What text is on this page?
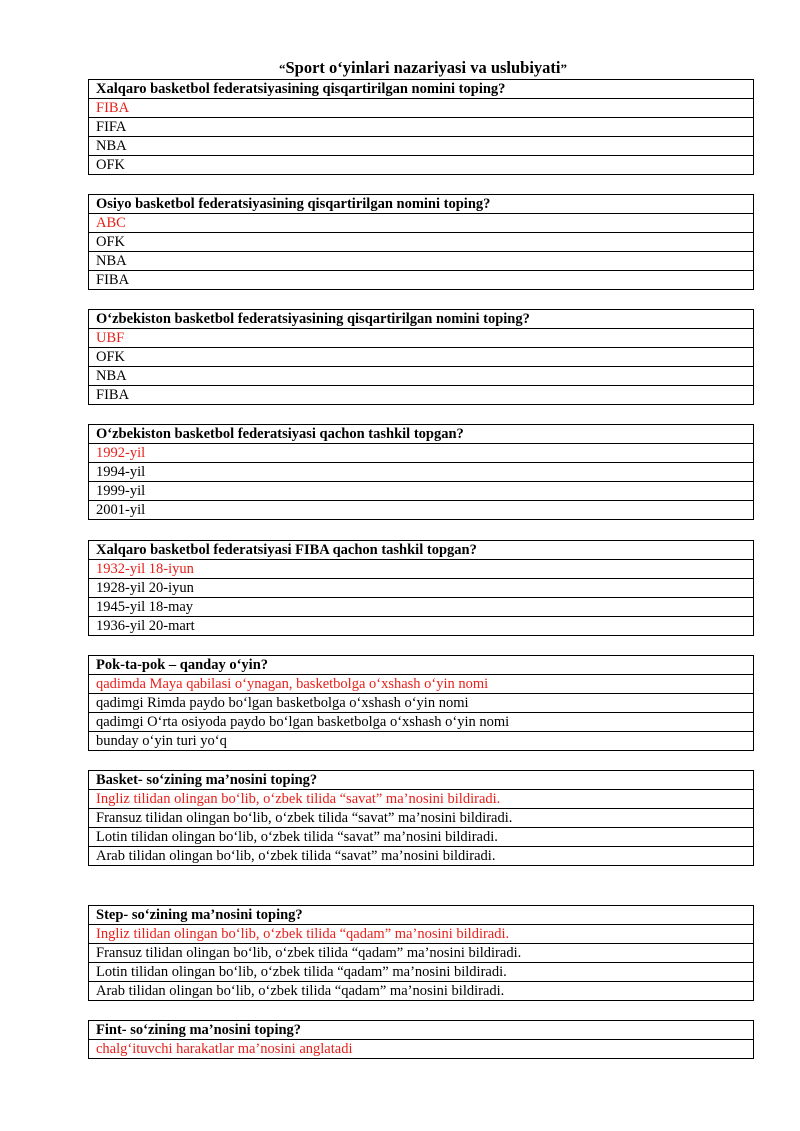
“Sport o‘yinlari nazariyasi va uslubiyati”
Xalqaro basketbol federatsiyasining qisqartirilgan nomini toping?
FIBA
FIFA
NBA
OFK
Osiyo basketbol federatsiyasining qisqartirilgan nomini toping?
ABC
OFK
NBA
FIBA
O‘zbekiston basketbol federatsiyasining qisqartirilgan nomini toping?
UBF
OFK
NBA
FIBA
O‘zbekiston basketbol federatsiyasi qachon tashkil topgan?
1992-yil
1994-yil
1999-yil
2001-yil
Xalqaro basketbol federatsiyasi FIBA qachon tashkil topgan?
1932-yil 18-iyun
1928-yil 20-iyun
1945-yil 18-may
1936-yil 20-mart
Pok-ta-pok – qanday o‘yin?
qadimda Maya qabilasi o‘ynagan, basketbolga o‘xshash o‘yin nomi
qadimgi Rimda paydo bo‘lgan basketbolga o‘xshash o‘yin nomi
qadimgi O‘rta osiyoda paydo bo‘lgan basketbolga o‘xshash o‘yin nomi
bunday o‘yin turi yo‘q
Basket- so‘zining ma’nosini toping?
Ingliz tilidan olingan bo‘lib, o‘zbek tilida “savat” ma’nosini bildiradi.
Fransuz tilidan olingan bo‘lib, o‘zbek tilida “savat” ma’nosini bildiradi.
Lotin tilidan olingan bo‘lib, o‘zbek tilida “savat” ma’nosini bildiradi.
Arab tilidan olingan bo‘lib, o‘zbek tilida “savat” ma’nosini bildiradi.
Step- so‘zining ma’nosini toping?
Ingliz tilidan olingan bo‘lib, o‘zbek tilida “qadam” ma’nosini bildiradi.
Fransuz tilidan olingan bo‘lib, o‘zbek tilida “qadam” ma’nosini bildiradi.
Lotin tilidan olingan bo‘lib, o‘zbek tilida “qadam” ma’nosini bildiradi.
Arab tilidan olingan bo‘lib, o‘zbek tilida “qadam” ma’nosini bildiradi.
Fint- so‘zining ma’nosini toping?
chalg‘ituvchi harakatlar ma’nosini anglatadi
